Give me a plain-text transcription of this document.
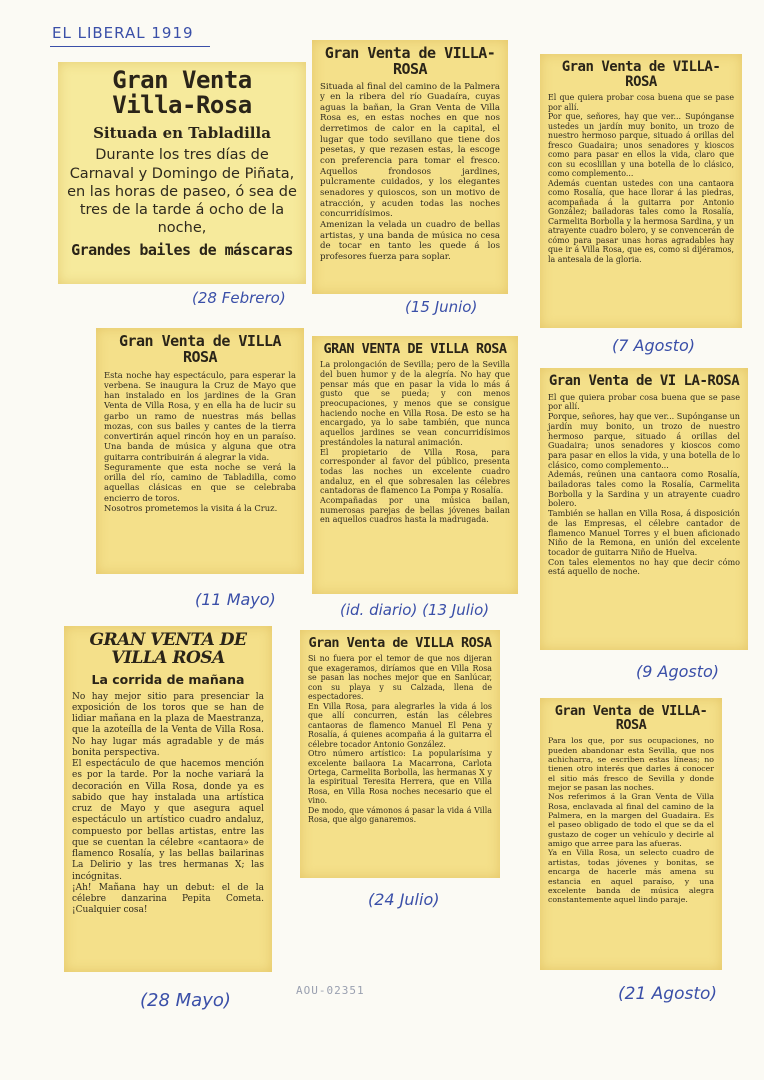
EL LIBERAL 1919
Gran Venta Villa-Rosa
Situada en Tabladilla
Durante los tres días de Carnaval y Domingo de Piñata, en las horas de paseo, ó sea de tres de la tarde á ocho de la noche,
Grandes bailes de máscaras
(28 Febrero)
Gran Venta de VILLA-ROSA
Situada al final del camino de la Palmera y en la ribera del río Guadaíra, cuyas aguas la bañan, la Gran Venta de Villa Rosa es, en estas noches en que nos derretimos de calor en la capital, el lugar que todo sevillano que tiene dos pesetas, y que rezasen estas, la escoge con preferencia para tomar el fresco. Aquellos frondosos jardines, pulcramente cuidados, y los elegantes senadores y quioscos, son un motivo de atracción, y acuden todas las noches concurridísimos.
Amenizan la velada un cuadro de bellas artistas, y una banda de música no cesa de tocar en tanto les quede á los profesores fuerza para soplar.
(15 Junio)
Gran Venta de VILLA-ROSA
El que quiera probar cosa buena que se pase por allí.
Por que, señores, hay que ver... Supónganse ustedes un jardín muy bonito, un trozo de nuestro hermoso parque, situado á orillas del fresco Guadaira; unos senadores y kioscos como para pasar en ellos la vida, claro que con su ecoslillan y una botella de lo clásico, como complemento...
Además cuentan ustedes con una cantaora como Rosalía, que hace llorar á las piedras, acompañada á la guitarra por Antonio González; bailadoras tales como la Rosalía, Carmelita Borbolla y la hermosa Sardina, y un atrayente cuadro bolero, y se convencerán de cómo para pasar unas horas agradables hay que ir á Villa Rosa, que es, como si dijéramos, la antesala de la gloria.
(7 Agosto)
Gran Venta de VILLA ROSA
Esta noche hay espectáculo, para esperar la verbena. Se inaugura la Cruz de Mayo que han instalado en los jardines de la Gran Venta de Villa Rosa, y en ella ha de lucir su garbo un ramo de nuestras más bellas mozas, con sus bailes y cantes de la tierra convertirán aquel rincón hoy en un paraíso. Una banda de música y alguna que otra guitarra contribuirán á alegrar la vida.
Seguramente que esta noche se verá la orilla del río, camino de Tabladilla, como aquellas clásicas en que se celebraba encierro de toros.
Nosotros prometemos la visita á la Cruz.
(11 Mayo)
GRAN VENTA DE VILLA ROSA
La prolongación de Sevilla; pero de la Sevilla del buen humor y de la alegría. No hay que pensar más que en pasar la vida lo más á gusto que se pueda; y con menos preocupaciones, y menos que se consigue haciendo noche en Villa Rosa. De esto se ha encargado, ya lo sabe también, que nunca aquellos jardines se vean concurridísimos prestándoles la natural animación.
El propietario de Villa Rosa, para corresponder al favor del público, presenta todas las noches un excelente cuadro andaluz, en el que sobresalen las célebres cantadoras de flamenco La Pompa y Rosalía.
Acompañadas por una música bailan, numerosas parejas de bellas jóvenes bailan en aquellos cuadros hasta la madrugada.
(id. diario) (13 Julio)
Gran Venta de VI LA-ROSA
El que quiera probar cosa buena que se pase por allí.
Porque, señores, hay que ver... Supónganse un jardín muy bonito, un trozo de nuestro hermoso parque, situado á orillas del Guadaira; unos senadores y kioscos como para pasar en ellos la vida, y una botella de lo clásico, como complemento...
Además, reúnen una cantaora como Rosalía, bailadoras tales como la Rosalía, Carmelita Borbolla y la Sardina y un atrayente cuadro bolero.
También se hallan en Villa Rosa, á disposición de las Empresas, el célebre cantador de flamenco Manuel Torres y el buen aficionado Niño de la Remona, en unión del excelente tocador de guitarra Niño de Huelva.
Con tales elementos no hay que decir cómo está aquello de noche.
(9 Agosto)
GRAN VENTA DE VILLA ROSA
La corrida de mañana
No hay mejor sitio para presenciar la exposición de los toros que se han de lidiar mañana en la plaza de Maestranza, que la azoteílla de la Venta de Villa Rosa. No hay lugar más agradable y de más bonita perspectiva.
El espectáculo de que hacemos mención es por la tarde. Por la noche variará la decoración en Villa Rosa, donde ya es sabido que hay instalada una artística cruz de Mayo y que asegura aquel espectáculo un artístico cuadro andaluz, compuesto por bellas artistas, entre las que se cuentan la célebre «cantaora» de flamenco Rosalía, y las bellas bailarinas La Delirio y las tres hermanas X; las incógnitas.
¡Ah! Mañana hay un debut: el de la célebre danzarina Pepita Cometa. ¡Cualquier cosa!
(28 Mayo)
Gran Venta de VILLA ROSA
Si no fuera por el temor de que nos dijeran que exageramos, diríamos que en Villa Rosa se pasan las noches mejor que en Sanlúcar, con su playa y su Calzada, llena de espectadores.
En Villa Rosa, para alegrarles la vida á los que allí concurren, están las célebres cantaoras de flamenco Manuel El Pena y Rosalía, á quienes acompaña á la guitarra el célebre tocador Antonio González.
Otro número artístico: La popularísima y excelente bailaora La Macarrona, Carlota Ortega, Carmelita Borbolla, las hermanas X y la espiritual Teresita Herrera, que en Villa Rosa, en Villa Rosa noches necesario que el vino.
De modo, que vámonos á pasar la vida á Villa Rosa, que algo ganaremos.
(24 Julio)
Gran Venta de VILLA-ROSA
Para los que, por sus ocupaciones, no pueden abandonar esta Sevilla, que nos achicharra, se escriben estas líneas; no tienen otro interés que darles á conocer el sitio más fresco de Sevilla y donde mejor se pasan las noches.
Nos referimos á la Gran Venta de Villa Rosa, enclavada al final del camino de la Palmera, en la margen del Guadaira. Es el paseo obligado de todo el que se da el gustazo de coger un vehículo y decirle al amigo que arree para las afueras.
Ya en Villa Rosa, un selecto cuadro de artistas, todas jóvenes y bonitas, se encarga de hacerle más amena su estancia en aquel paraíso, y una excelente banda de música alegra constantemente aquel lindo paraje.
(21 Agosto)
AOU-02351
